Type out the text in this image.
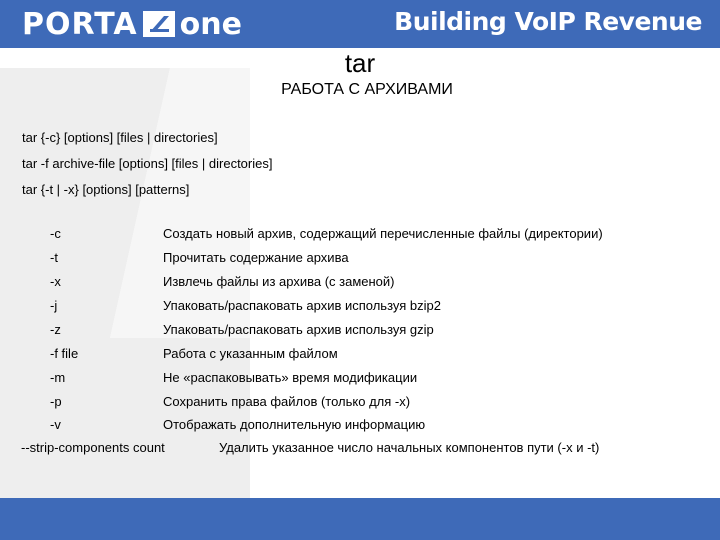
PORTA one	Building VoIP Revenue
tar
РАБОТА С АРХИВАМИ
tar {-c} [options] [files | directories]
tar -f archive-file [options] [files | directories]
tar {-t | -x} [options] [patterns]
-c	Создать новый архив, содержащий перечисленные файлы (директории)
-t	Прочитать содержание архива
-x	Извлечь файлы из архива (с заменой)
-j	Упаковать/распаковать архив используя bzip2
-z	Упаковать/распаковать архив используя gzip
-f file	Работа с указанным файлом
-m	Не «распаковывать» время модификации
-p	Сохранить права файлов (только для -x)
-v	Отображать дополнительную информацию
--strip-components count	Удалить указанное число начальных компонентов пути (-x и -t)
